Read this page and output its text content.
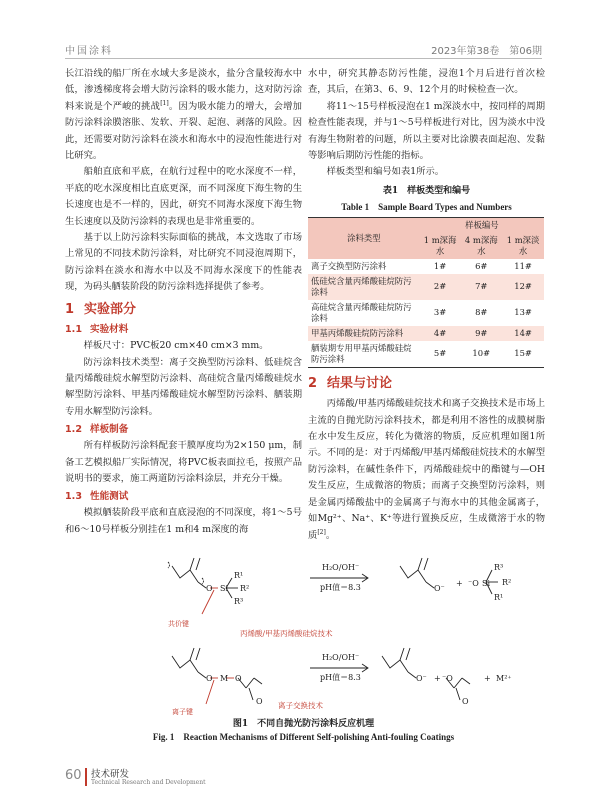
中国涂料	2023年第38卷　第06期

长江沿线的船厂所在水域大多是淡水，盐分含量较海水中低，渗透梯度将会增大防污涂料的吸水能力，这对防污涂料来说是个严峻的挑战[1]。因为吸水能力的增大，会增加防污涂料涂膜溶胀、发软、开裂、起泡、剥落的风险。因此，还需要对防污涂料在淡水和海水中的浸泡性能进行对比研究。

船舶直底和平底，在航行过程中的吃水深度不一样，平底的吃水深度相比直底更深，而不同深度下海生物的生长速度也是不一样的，因此，研究不同海水深度下海生物生长速度以及防污涂料的表现也是非常重要的。

基于以上防污涂料实际面临的挑战，本文选取了市场上常见的不同技术防污涂料，对比研究不同浸泡周期下，防污涂料在淡水和海水中以及不同海水深度下的性能表现，为码头舾装阶段的防污涂料选择提供了参考。

1 实验部分
1.1 实验材料

样板尺寸：PVC板20 cm×40 cm×3 mm。

防污涂料技术类型：离子交换型防污涂料、低硅烷含量丙烯酸硅烷水解型防污涂料、高硅烷含量丙烯酸硅烷水解型防污涂料、甲基丙烯酸硅烷水解型防污涂料、舾装期专用水解型防污涂料。

1.2 样板制备

所有样板防污涂料配套干膜厚度均为2×150 μm，制备工艺模拟船厂实际情况，将PVC板表面拉毛，按照产品说明书的要求，施工两道防污涂料涂层，并充分干燥。

1.3 性能测试

模拟舾装阶段平底和直底浸泡的不同深度，将1～5号和6～10号样板分别挂在1 m和4 m深度的海

水中，研究其静态防污性能，浸泡1个月后进行首次检查，其后，在第3、6、9、12个月的时候检查一次。

将11～15号样板浸泡在1 m深淡水中，按同样的周期检查性能表现，并与1～5号样板进行对比，因为淡水中没有海生物附着的问题，所以主要对比涂膜表面起泡、发黏等影响后期防污性能的指标。

样板类型和编号如表1所示。

表1　样板类型和编号
Table 1　Sample Board Types and Numbers
涂料类型	样板编号		
	1 m深海水	4 m深海水	1 m深淡水
离子交换型防污涂料	1#	6#	11#
低硅烷含量丙烯酸硅烷防污涂料	2#	7#	12#
高硅烷含量丙烯酸硅烷防污涂料	3#	8#	13#
甲基丙烯酸硅烷防污涂料	4#	9#	14#
舾装期专用甲基丙烯酸硅烷防污涂料	5#	10#	15#
2 结果与讨论

丙烯酸/甲基丙烯酸硅烷技术和离子交换技术是市场上主流的自抛光防污涂料技术，都是利用不溶性的成膜树脂在水中发生反应，转化为微溶的物质，反应机理如图1所示。不同的是：对于丙烯酸/甲基丙烯酸硅烷技术的水解型防污涂料，在碱性条件下，丙烯酸硅烷中的酯键与—OH发生反应，生成微溶的物质；而离子交换型防污涂料，则是金属丙烯酸盐中的金属离子与海水中的其他金属离子，如Mg²⁺、Na⁺、K⁺等进行置换反应，生成微溶于水的物质[2]。

O Si
R¹
R²
R³
H₂O/OH⁻
pH值＝8.3	O⁻
+ ⁻O Si
R³
R²
R¹
共价键
丙烯酸/甲基丙烯酸硅烷技术
O M O
O
H₂O/OH⁻
pH值＝8.3	O⁻ + ⁻O
O
+ M²⁺
离子键
离子交换技术
图1　不同自抛光防污涂料反应机理
Fig. 1　Reaction Mechanisms of Different Self-polishing Anti-fouling Coatings
60 技术研发
Technical Research and Development
